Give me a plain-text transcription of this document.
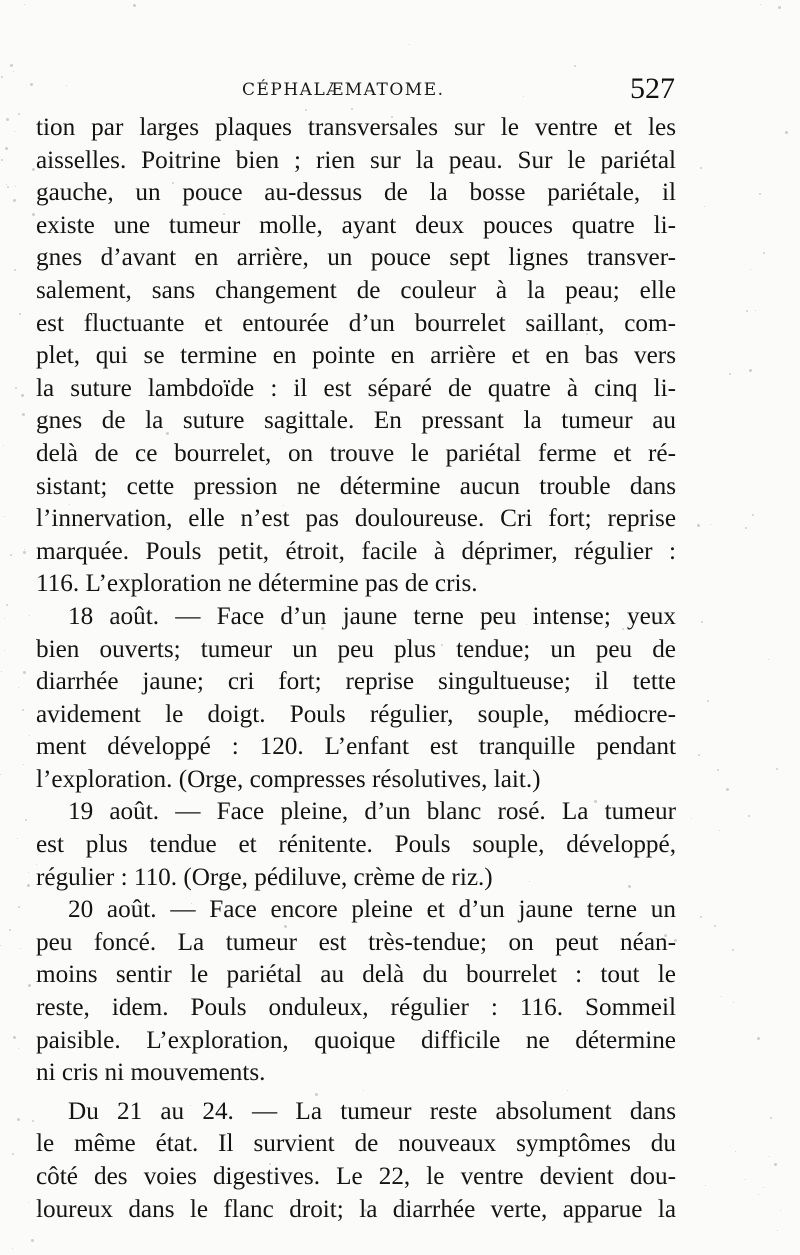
CÉPHALÆMATOME.	527
tion par larges plaques transversales sur le ventre et les
aisselles. Poitrine bien ; rien sur la peau. Sur le pariétal
gauche, un pouce au-dessus de la bosse pariétale, il
existe une tumeur molle, ayant deux pouces quatre li-
gnes d’avant en arrière, un pouce sept lignes transver-
salement, sans changement de couleur à la peau; elle
est fluctuante et entourée d’un bourrelet saillant, com-
plet, qui se termine en pointe en arrière et en bas vers
la suture lambdoïde : il est séparé de quatre à cinq li-
gnes de la suture sagittale. En pressant la tumeur au
delà de ce bourrelet, on trouve le pariétal ferme et ré-
sistant; cette pression ne détermine aucun trouble dans
l’innervation, elle n’est pas douloureuse. Cri fort; reprise
marquée. Pouls petit, étroit, facile à déprimer, régulier :
116. L’exploration ne détermine pas de cris.
18 août. — Face d’un jaune terne peu intense; yeux
bien ouverts; tumeur un peu plus tendue; un peu de
diarrhée jaune; cri fort; reprise singultueuse; il tette
avidement le doigt. Pouls régulier, souple, médiocre-
ment développé : 120. L’enfant est tranquille pendant
l’exploration. (Orge, compresses résolutives, lait.)
19 août. — Face pleine, d’un blanc rosé. La tumeur
est plus tendue et rénitente. Pouls souple, développé,
régulier : 110. (Orge, pédiluve, crème de riz.)
20 août. — Face encore pleine et d’un jaune terne un
peu foncé. La tumeur est très-tendue; on peut néan-
moins sentir le pariétal au delà du bourrelet : tout le
reste, idem. Pouls onduleux, régulier : 116. Sommeil
paisible. L’exploration, quoique difficile ne détermine
ni cris ni mouvements.
Du 21 au 24. — La tumeur reste absolument dans
le même état. Il survient de nouveaux symptômes du
côté des voies digestives. Le 22, le ventre devient dou-
loureux dans le flanc droit; la diarrhée verte, apparue la
